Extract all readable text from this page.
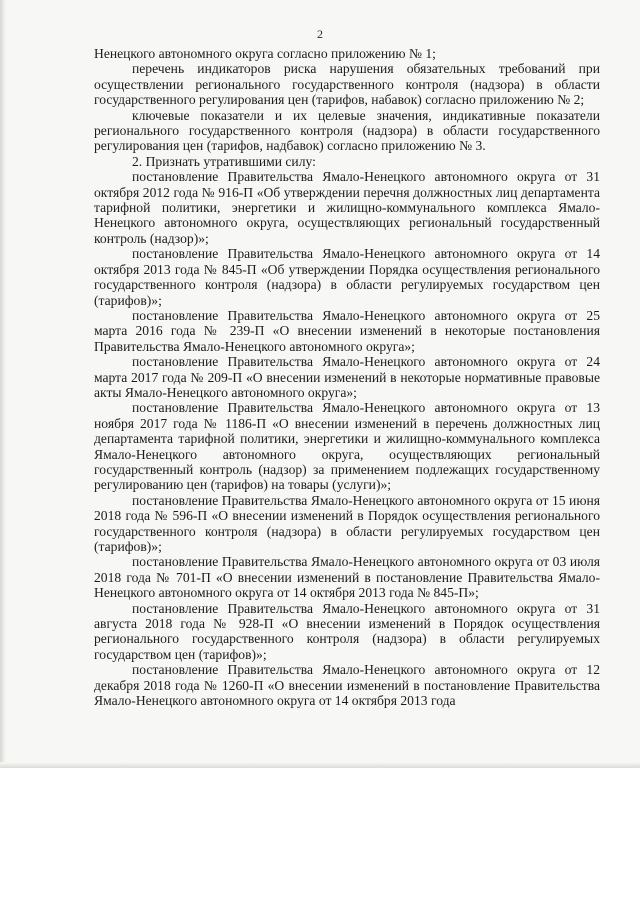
2

Ненецкого автономного округа согласно приложению № 1;

перечень индикаторов риска нарушения обязательных требований при осуществлении регионального государственного контроля (надзора) в области государственного регулирования цен (тарифов, набавок) согласно приложению № 2;

ключевые показатели и их целевые значения, индикативные показатели регионального государственного контроля (надзора) в области государственного регулирования цен (тарифов, надбавок) согласно приложению № 3.

2. Признать утратившими силу:

постановление Правительства Ямало-Ненецкого автономного округа от 31 октября 2012 года № 916-П «Об утверждении перечня должностных лиц департамента тарифной политики, энергетики и жилищно-коммунального комплекса Ямало-Ненецкого автономного округа, осуществляющих региональный государственный контроль (надзор)»;

постановление Правительства Ямало-Ненецкого автономного округа от 14 октября 2013 года № 845-П «Об утверждении Порядка осуществления регионального государственного контроля (надзора) в области регулируемых государством цен (тарифов)»;

постановление Правительства Ямало-Ненецкого автономного округа от 25 марта 2016 года № 239-П «О внесении изменений в некоторые постановления Правительства Ямало-Ненецкого автономного округа»;

постановление Правительства Ямало-Ненецкого автономного округа от 24 марта 2017 года № 209-П «О внесении изменений в некоторые нормативные правовые акты Ямало-Ненецкого автономного округа»;

постановление Правительства Ямало-Ненецкого автономного округа от 13 ноября 2017 года № 1186-П «О внесении изменений в перечень должностных лиц департамента тарифной политики, энергетики и жилищно-коммунального комплекса Ямало-Ненецкого автономного округа, осуществляющих региональный государственный контроль (надзор) за применением подлежащих государственному регулированию цен (тарифов) на товары (услуги)»;

постановление Правительства Ямало-Ненецкого автономного округа от 15 июня 2018 года № 596-П «О внесении изменений в Порядок осуществления регионального государственного контроля (надзора) в области регулируемых государством цен (тарифов)»;

постановление Правительства Ямало-Ненецкого автономного округа от 03 июля 2018 года № 701-П «О внесении изменений в постановление Правительства Ямало-Ненецкого автономного округа от 14 октября 2013 года № 845-П»;

постановление Правительства Ямало-Ненецкого автономного округа от 31 августа 2018 года № 928-П «О внесении изменений в Порядок осуществления регионального государственного контроля (надзора) в области регулируемых государством цен (тарифов)»;

постановление Правительства Ямало-Ненецкого автономного округа от 12 декабря 2018 года № 1260-П «О внесении изменений в постановление Правительства Ямало-Ненецкого автономного округа от 14 октября 2013 года
